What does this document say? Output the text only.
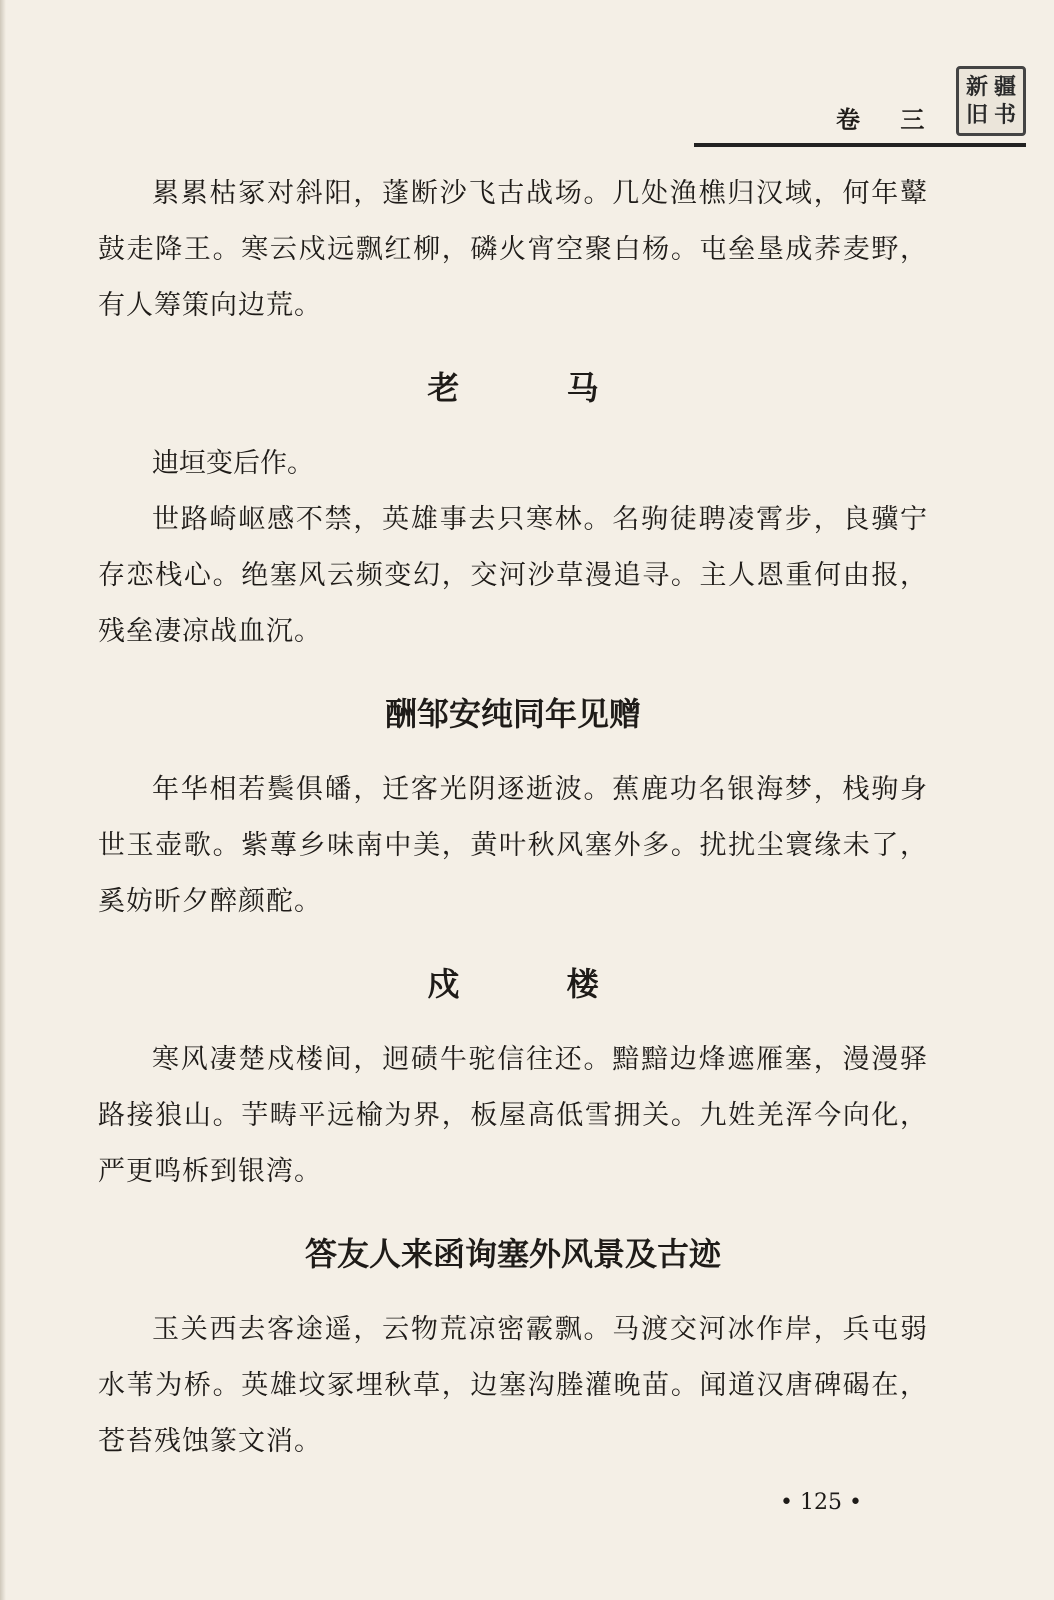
卷 三
新 疆
旧 书

累累枯冢对斜阳，蓬断沙飞古战场。几处渔樵归汉域，何年鼙鼓走降王。寒云戍远飘红柳，磷火宵空聚白杨。屯垒垦成荞麦野，有人筹策向边荒。

老 马

迪垣变后作。

世路崎岖感不禁，英雄事去只寒林。名驹徒聘凌霄步，良骥宁存恋栈心。绝塞风云频变幻，交河沙草漫追寻。主人恩重何由报，残垒凄凉战血沉。

酬邹安纯同年见赠

年华相若鬓俱皤，迁客光阴逐逝波。蕉鹿功名银海梦，栈驹身世玉壶歌。紫蓴乡味南中美，黄叶秋风塞外多。扰扰尘寰缘未了，奚妨昕夕醉颜酡。

戍 楼

寒风凄楚戍楼间，迥碛牛驼信往还。黯黯边烽遮雁塞，漫漫驿路接狼山。芋畴平远榆为界，板屋高低雪拥关。九姓羌浑今向化，严更鸣柝到银湾。

答友人来函询塞外风景及古迹

玉关西去客途遥，云物荒凉密霰飘。马渡交河冰作岸，兵屯弱水苇为桥。英雄坟冢埋秋草，边塞沟塍灌晚苗。闻道汉唐碑碣在，苍苔残蚀篆文消。

• 125 •
